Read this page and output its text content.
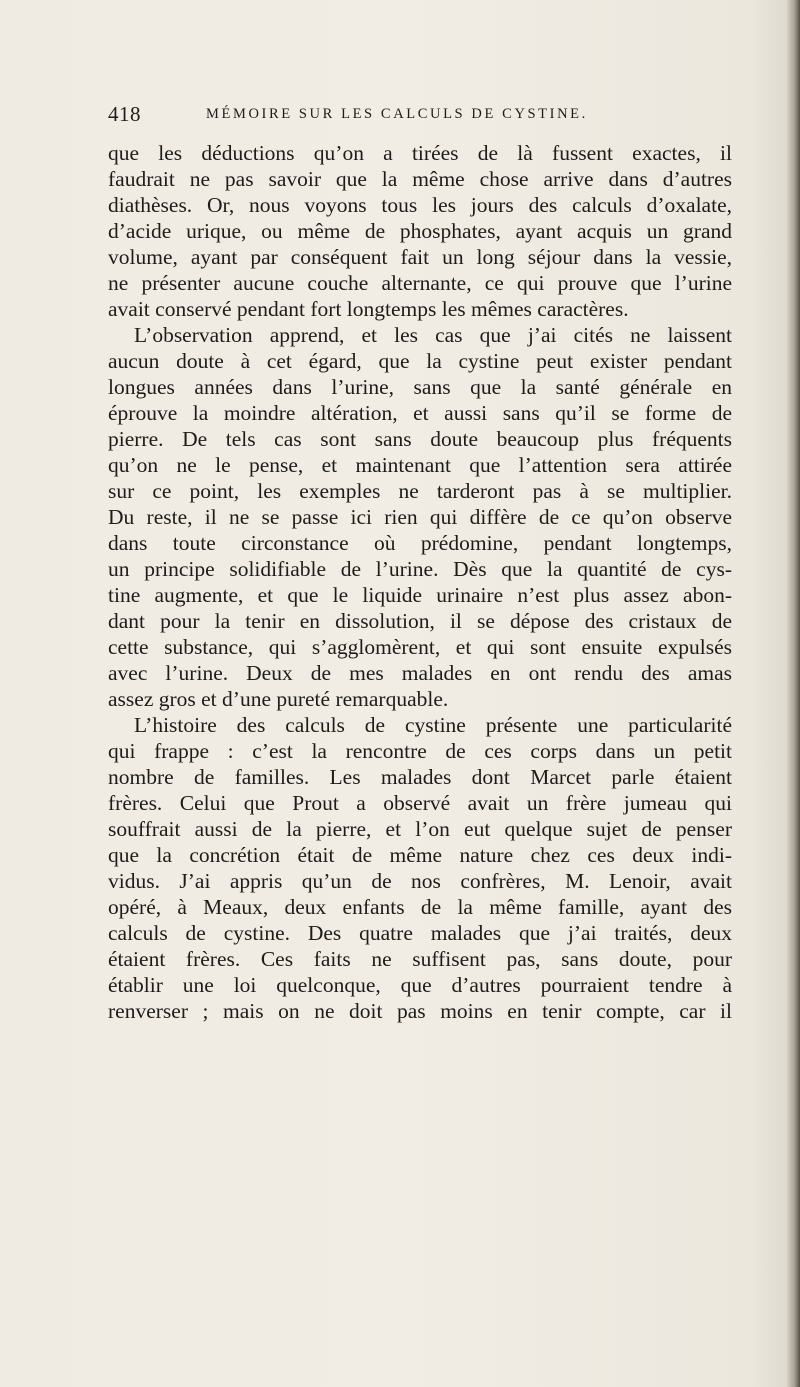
418	MÉMOIRE SUR LES CALCULS DE CYSTINE.
que les déductions qu’on a tirées de là fussent exactes, il
faudrait ne pas savoir que la même chose arrive dans d’autres
diathèses. Or, nous voyons tous les jours des calculs d’oxalate,
d’acide urique, ou même de phosphates, ayant acquis un grand
volume, ayant par conséquent fait un long séjour dans la vessie,
ne présenter aucune couche alternante, ce qui prouve que l’urine
avait conservé pendant fort longtemps les mêmes caractères.
L’observation apprend, et les cas que j’ai cités ne laissent
aucun doute à cet égard, que la cystine peut exister pendant
longues années dans l’urine, sans que la santé générale en
éprouve la moindre altération, et aussi sans qu’il se forme de
pierre. De tels cas sont sans doute beaucoup plus fréquents
qu’on ne le pense, et maintenant que l’attention sera attirée
sur ce point, les exemples ne tarderont pas à se multiplier.
Du reste, il ne se passe ici rien qui diffère de ce qu’on observe
dans toute circonstance où prédomine, pendant longtemps,
un principe solidifiable de l’urine. Dès que la quantité de cys-
tine augmente, et que le liquide urinaire n’est plus assez abon-
dant pour la tenir en dissolution, il se dépose des cristaux de
cette substance, qui s’agglomèrent, et qui sont ensuite expulsés
avec l’urine. Deux de mes malades en ont rendu des amas
assez gros et d’une pureté remarquable.
L’histoire des calculs de cystine présente une particularité
qui frappe : c’est la rencontre de ces corps dans un petit
nombre de familles. Les malades dont Marcet parle étaient
frères. Celui que Prout a observé avait un frère jumeau qui
souffrait aussi de la pierre, et l’on eut quelque sujet de penser
que la concrétion était de même nature chez ces deux indi-
vidus. J’ai appris qu’un de nos confrères, M. Lenoir, avait
opéré, à Meaux, deux enfants de la même famille, ayant des
calculs de cystine. Des quatre malades que j’ai traités, deux
étaient frères. Ces faits ne suffisent pas, sans doute, pour
établir une loi quelconque, que d’autres pourraient tendre à
renverser ; mais on ne doit pas moins en tenir compte, car il
